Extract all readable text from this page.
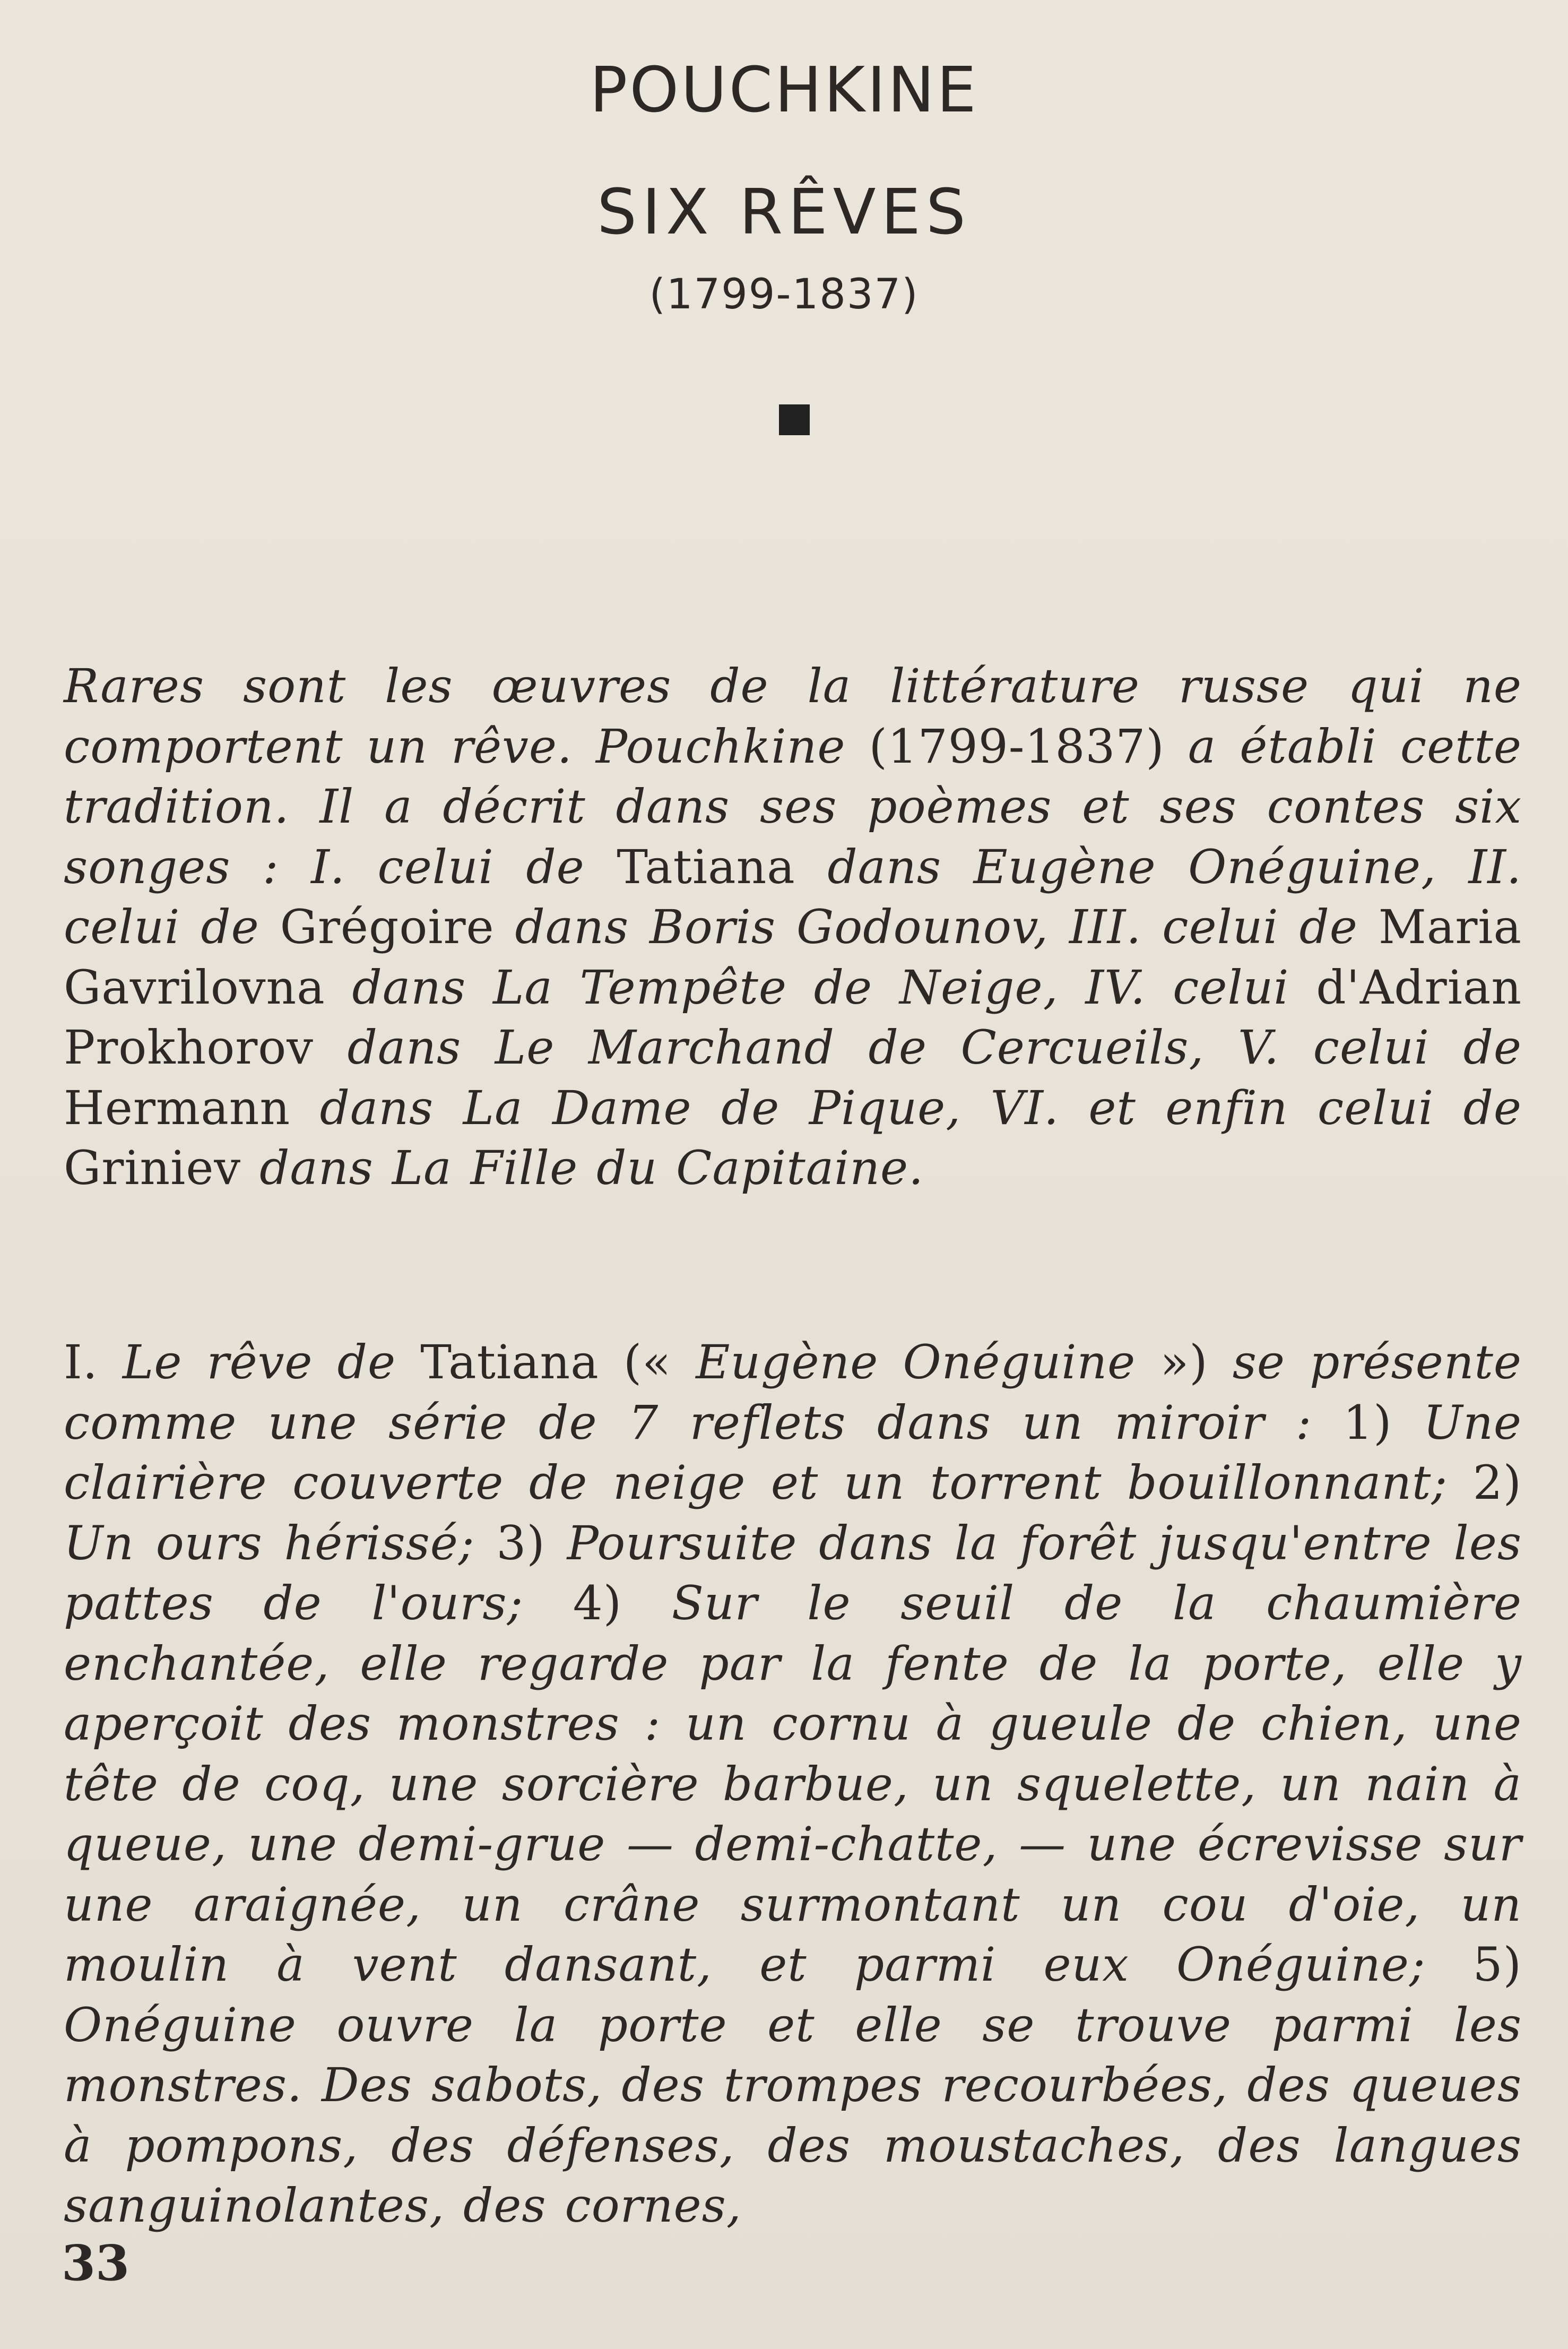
POUCHKINE
SIX RÊVES
(1799-1837)

Rares sont les œuvres de la littérature russe qui ne comportent un rêve. Pouchkine (1799-1837) a établi cette tradition. Il a décrit dans ses poèmes et ses contes six songes : I. celui de Tatiana dans Eugène Onéguine, II. celui de Grégoire dans Boris Godounov, III. celui de Maria Gavrilovna dans La Tempête de Neige, IV. celui d'Adrian Prokhorov dans Le Marchand de Cercueils, V. celui de Hermann dans La Dame de Pique, VI. et enfin celui de Griniev dans La Fille du Capitaine.

I. Le rêve de Tatiana (« Eugène Onéguine ») se présente comme une série de 7 reflets dans un miroir : 1) Une clairière couverte de neige et un torrent bouillonnant; 2) Un ours hérissé; 3) Poursuite dans la forêt jusqu'entre les pattes de l'ours; 4) Sur le seuil de la chaumière enchantée, elle regarde par la fente de la porte, elle y aperçoit des monstres : un cornu à gueule de chien, une tête de coq, une sorcière barbue, un squelette, un nain à queue, une demi-grue — demi-chatte, — une écrevisse sur une araignée, un crâne surmontant un cou d'oie, un moulin à vent dansant, et parmi eux Onéguine; 5) Onéguine ouvre la porte et elle se trouve parmi les monstres. Des sabots, des trompes recourbées, des queues à pompons, des défenses, des moustaches, des langues sanguinolantes, des cornes,

33
